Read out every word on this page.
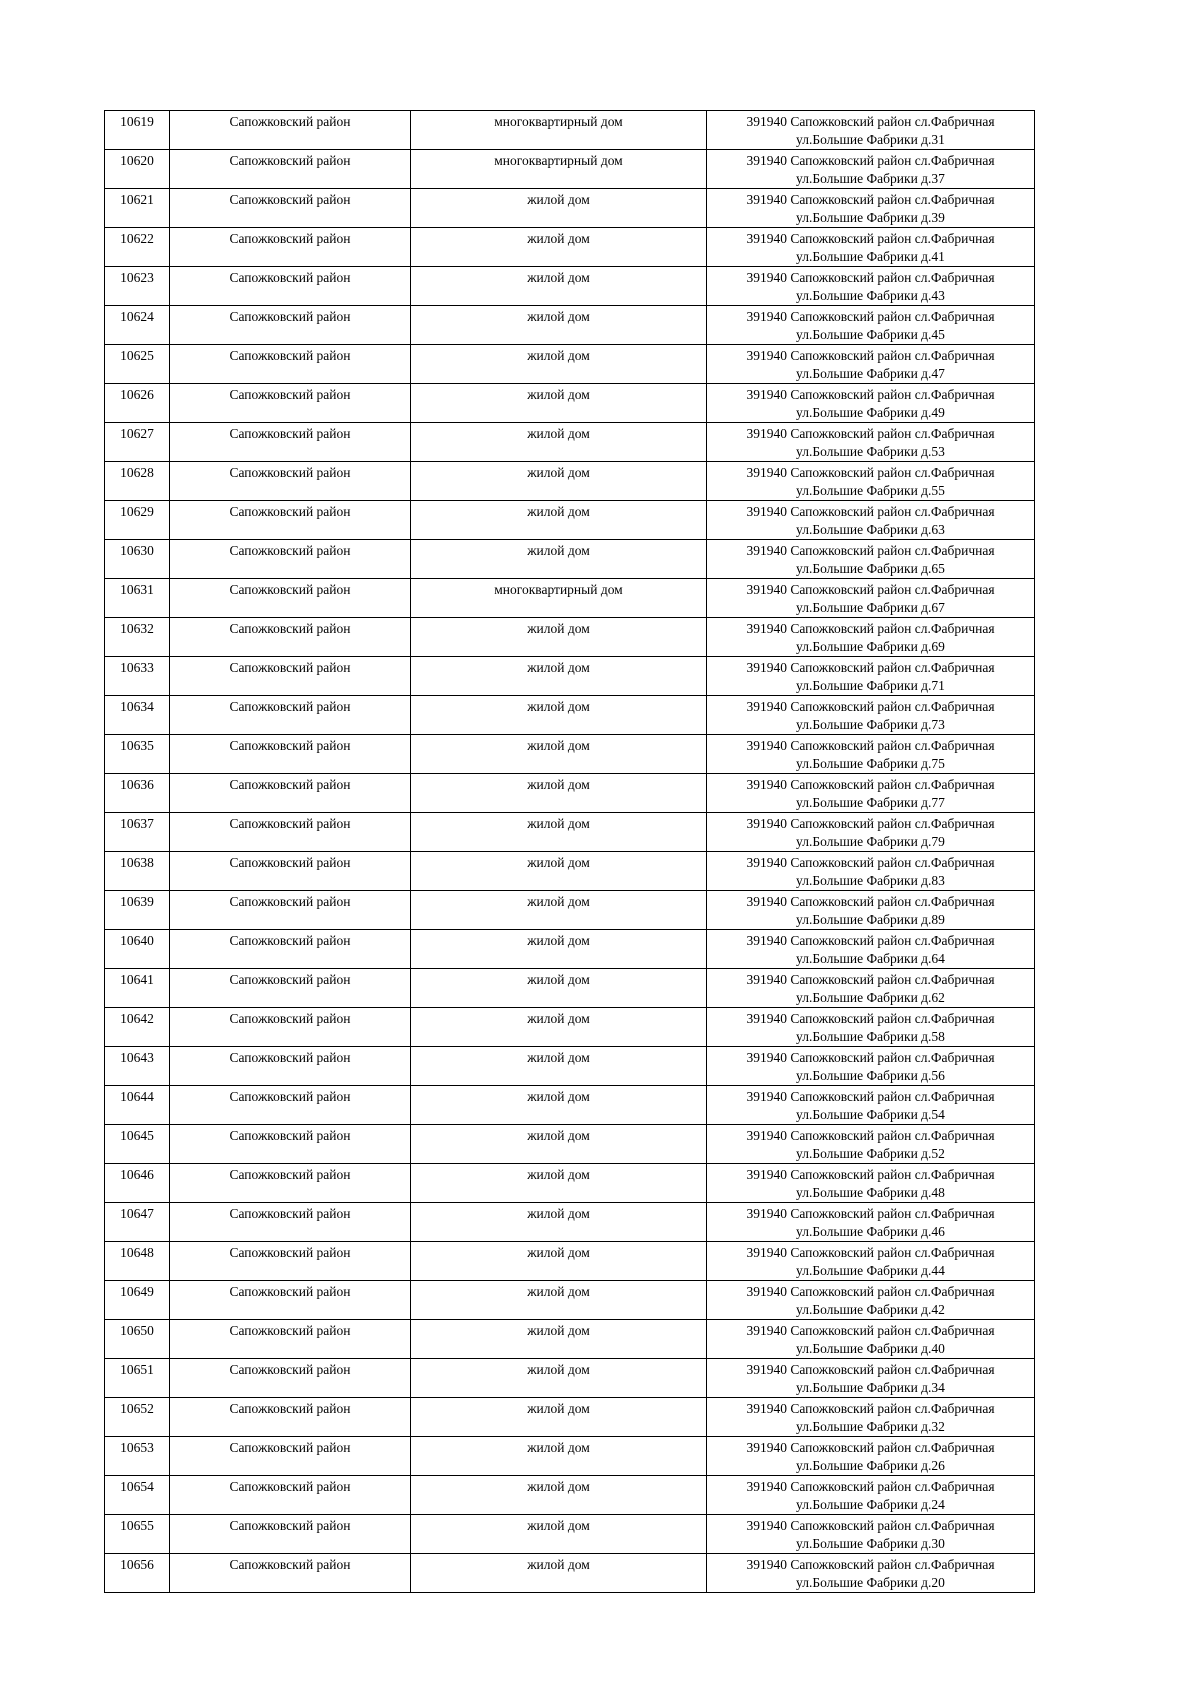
10619	Сапожковский район	многоквартирный дом	391940 Сапожковский район сл.Фабричная
ул.Большие Фабрики д.31

10620	Сапожковский район	многоквартирный дом	391940 Сапожковский район сл.Фабричная
ул.Большие Фабрики д.37

10621	Сапожковский район	жилой дом	391940 Сапожковский район сл.Фабричная
ул.Большие Фабрики д.39

10622	Сапожковский район	жилой дом	391940 Сапожковский район сл.Фабричная
ул.Большие Фабрики д.41

10623	Сапожковский район	жилой дом	391940 Сапожковский район сл.Фабричная
ул.Большие Фабрики д.43

10624	Сапожковский район	жилой дом	391940 Сапожковский район сл.Фабричная
ул.Большие Фабрики д.45

10625	Сапожковский район	жилой дом	391940 Сапожковский район сл.Фабричная
ул.Большие Фабрики д.47

10626	Сапожковский район	жилой дом	391940 Сапожковский район сл.Фабричная
ул.Большие Фабрики д.49

10627	Сапожковский район	жилой дом	391940 Сапожковский район сл.Фабричная
ул.Большие Фабрики д.53

10628	Сапожковский район	жилой дом	391940 Сапожковский район сл.Фабричная
ул.Большие Фабрики д.55

10629	Сапожковский район	жилой дом	391940 Сапожковский район сл.Фабричная
ул.Большие Фабрики д.63

10630	Сапожковский район	жилой дом	391940 Сапожковский район сл.Фабричная
ул.Большие Фабрики д.65

10631	Сапожковский район	многоквартирный дом	391940 Сапожковский район сл.Фабричная
ул.Большие Фабрики д.67

10632	Сапожковский район	жилой дом	391940 Сапожковский район сл.Фабричная
ул.Большие Фабрики д.69

10633	Сапожковский район	жилой дом	391940 Сапожковский район сл.Фабричная
ул.Большие Фабрики д.71

10634	Сапожковский район	жилой дом	391940 Сапожковский район сл.Фабричная
ул.Большие Фабрики д.73

10635	Сапожковский район	жилой дом	391940 Сапожковский район сл.Фабричная
ул.Большие Фабрики д.75

10636	Сапожковский район	жилой дом	391940 Сапожковский район сл.Фабричная
ул.Большие Фабрики д.77

10637	Сапожковский район	жилой дом	391940 Сапожковский район сл.Фабричная
ул.Большие Фабрики д.79

10638	Сапожковский район	жилой дом	391940 Сапожковский район сл.Фабричная
ул.Большие Фабрики д.83

10639	Сапожковский район	жилой дом	391940 Сапожковский район сл.Фабричная
ул.Большие Фабрики д.89

10640	Сапожковский район	жилой дом	391940 Сапожковский район сл.Фабричная
ул.Большие Фабрики д.64

10641	Сапожковский район	жилой дом	391940 Сапожковский район сл.Фабричная
ул.Большие Фабрики д.62

10642	Сапожковский район	жилой дом	391940 Сапожковский район сл.Фабричная
ул.Большие Фабрики д.58

10643	Сапожковский район	жилой дом	391940 Сапожковский район сл.Фабричная
ул.Большие Фабрики д.56

10644	Сапожковский район	жилой дом	391940 Сапожковский район сл.Фабричная
ул.Большие Фабрики д.54

10645	Сапожковский район	жилой дом	391940 Сапожковский район сл.Фабричная
ул.Большие Фабрики д.52

10646	Сапожковский район	жилой дом	391940 Сапожковский район сл.Фабричная
ул.Большие Фабрики д.48

10647	Сапожковский район	жилой дом	391940 Сапожковский район сл.Фабричная
ул.Большие Фабрики д.46

10648	Сапожковский район	жилой дом	391940 Сапожковский район сл.Фабричная
ул.Большие Фабрики д.44

10649	Сапожковский район	жилой дом	391940 Сапожковский район сл.Фабричная
ул.Большие Фабрики д.42

10650	Сапожковский район	жилой дом	391940 Сапожковский район сл.Фабричная
ул.Большие Фабрики д.40

10651	Сапожковский район	жилой дом	391940 Сапожковский район сл.Фабричная
ул.Большие Фабрики д.34

10652	Сапожковский район	жилой дом	391940 Сапожковский район сл.Фабричная
ул.Большие Фабрики д.32

10653	Сапожковский район	жилой дом	391940 Сапожковский район сл.Фабричная
ул.Большие Фабрики д.26

10654	Сапожковский район	жилой дом	391940 Сапожковский район сл.Фабричная
ул.Большие Фабрики д.24

10655	Сапожковский район	жилой дом	391940 Сапожковский район сл.Фабричная
ул.Большие Фабрики д.30

10656	Сапожковский район	жилой дом	391940 Сапожковский район сл.Фабричная
ул.Большие Фабрики д.20
